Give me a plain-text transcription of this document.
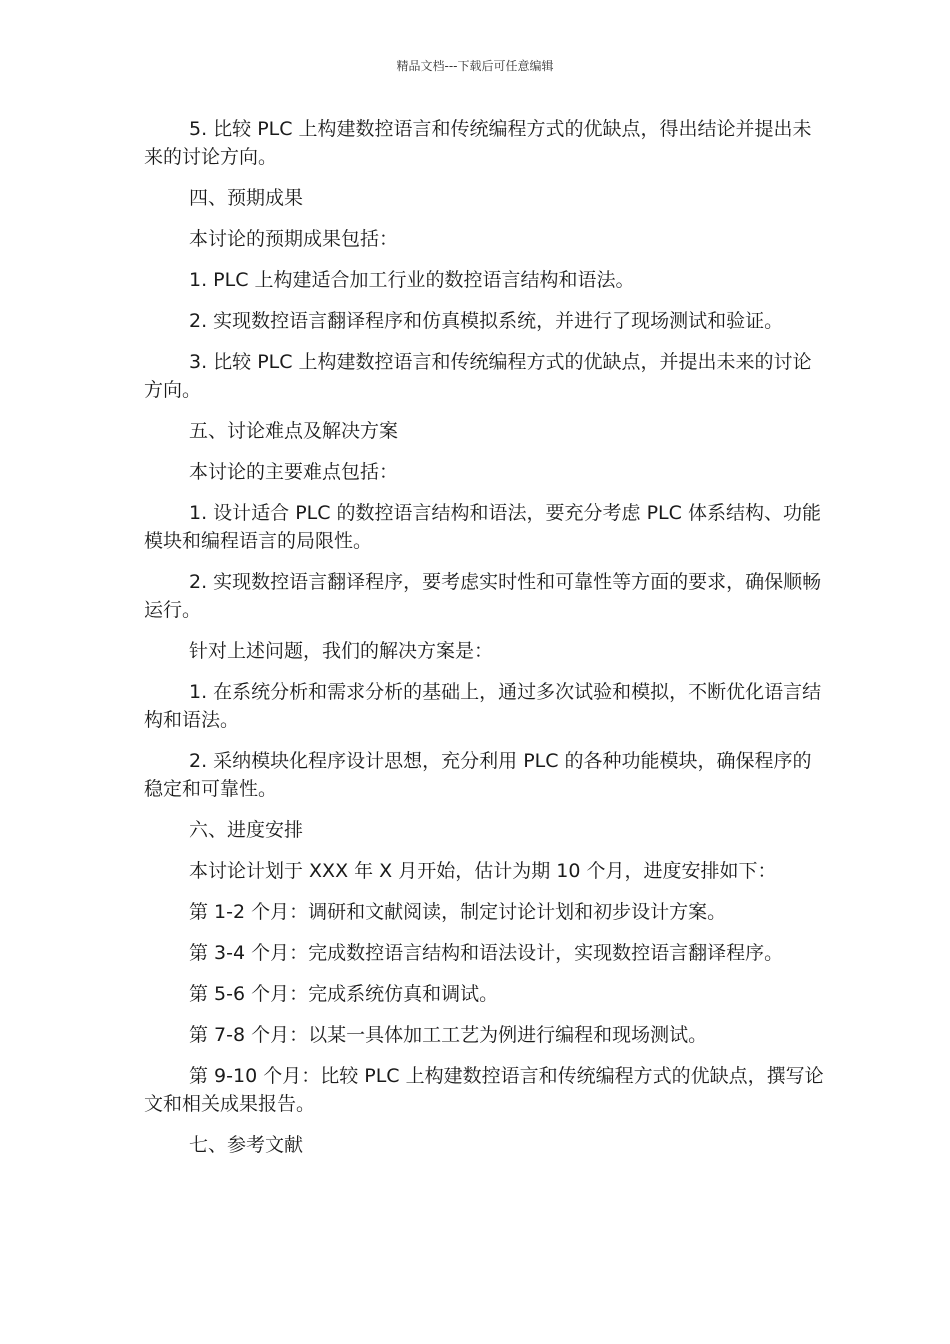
精品文档---下载后可任意编辑

5. 比较 PLC 上构建数控语言和传统编程方式的优缺点，得出结论并提出未来的讨论方向。

四、预期成果

本讨论的预期成果包括：

1. PLC 上构建适合加工行业的数控语言结构和语法。

2. 实现数控语言翻译程序和仿真模拟系统，并进行了现场测试和验证。

3. 比较 PLC 上构建数控语言和传统编程方式的优缺点，并提出未来的讨论方向。

五、讨论难点及解决方案

本讨论的主要难点包括：

1. 设计适合 PLC 的数控语言结构和语法，要充分考虑 PLC 体系结构、功能模块和编程语言的局限性。

2. 实现数控语言翻译程序，要考虑实时性和可靠性等方面的要求，确保顺畅运行。

针对上述问题，我们的解决方案是：

1. 在系统分析和需求分析的基础上，通过多次试验和模拟，不断优化语言结构和语法。

2. 采纳模块化程序设计思想，充分利用 PLC 的各种功能模块，确保程序的稳定和可靠性。

六、进度安排

本讨论计划于 XXX 年 X 月开始，估计为期 10 个月，进度安排如下：

第 1-2 个月：调研和文献阅读，制定讨论计划和初步设计方案。

第 3-4 个月：完成数控语言结构和语法设计，实现数控语言翻译程序。

第 5-6 个月：完成系统仿真和调试。

第 7-8 个月：以某一具体加工工艺为例进行编程和现场测试。

第 9-10 个月：比较 PLC 上构建数控语言和传统编程方式的优缺点，撰写论文和相关成果报告。

七、参考文献
